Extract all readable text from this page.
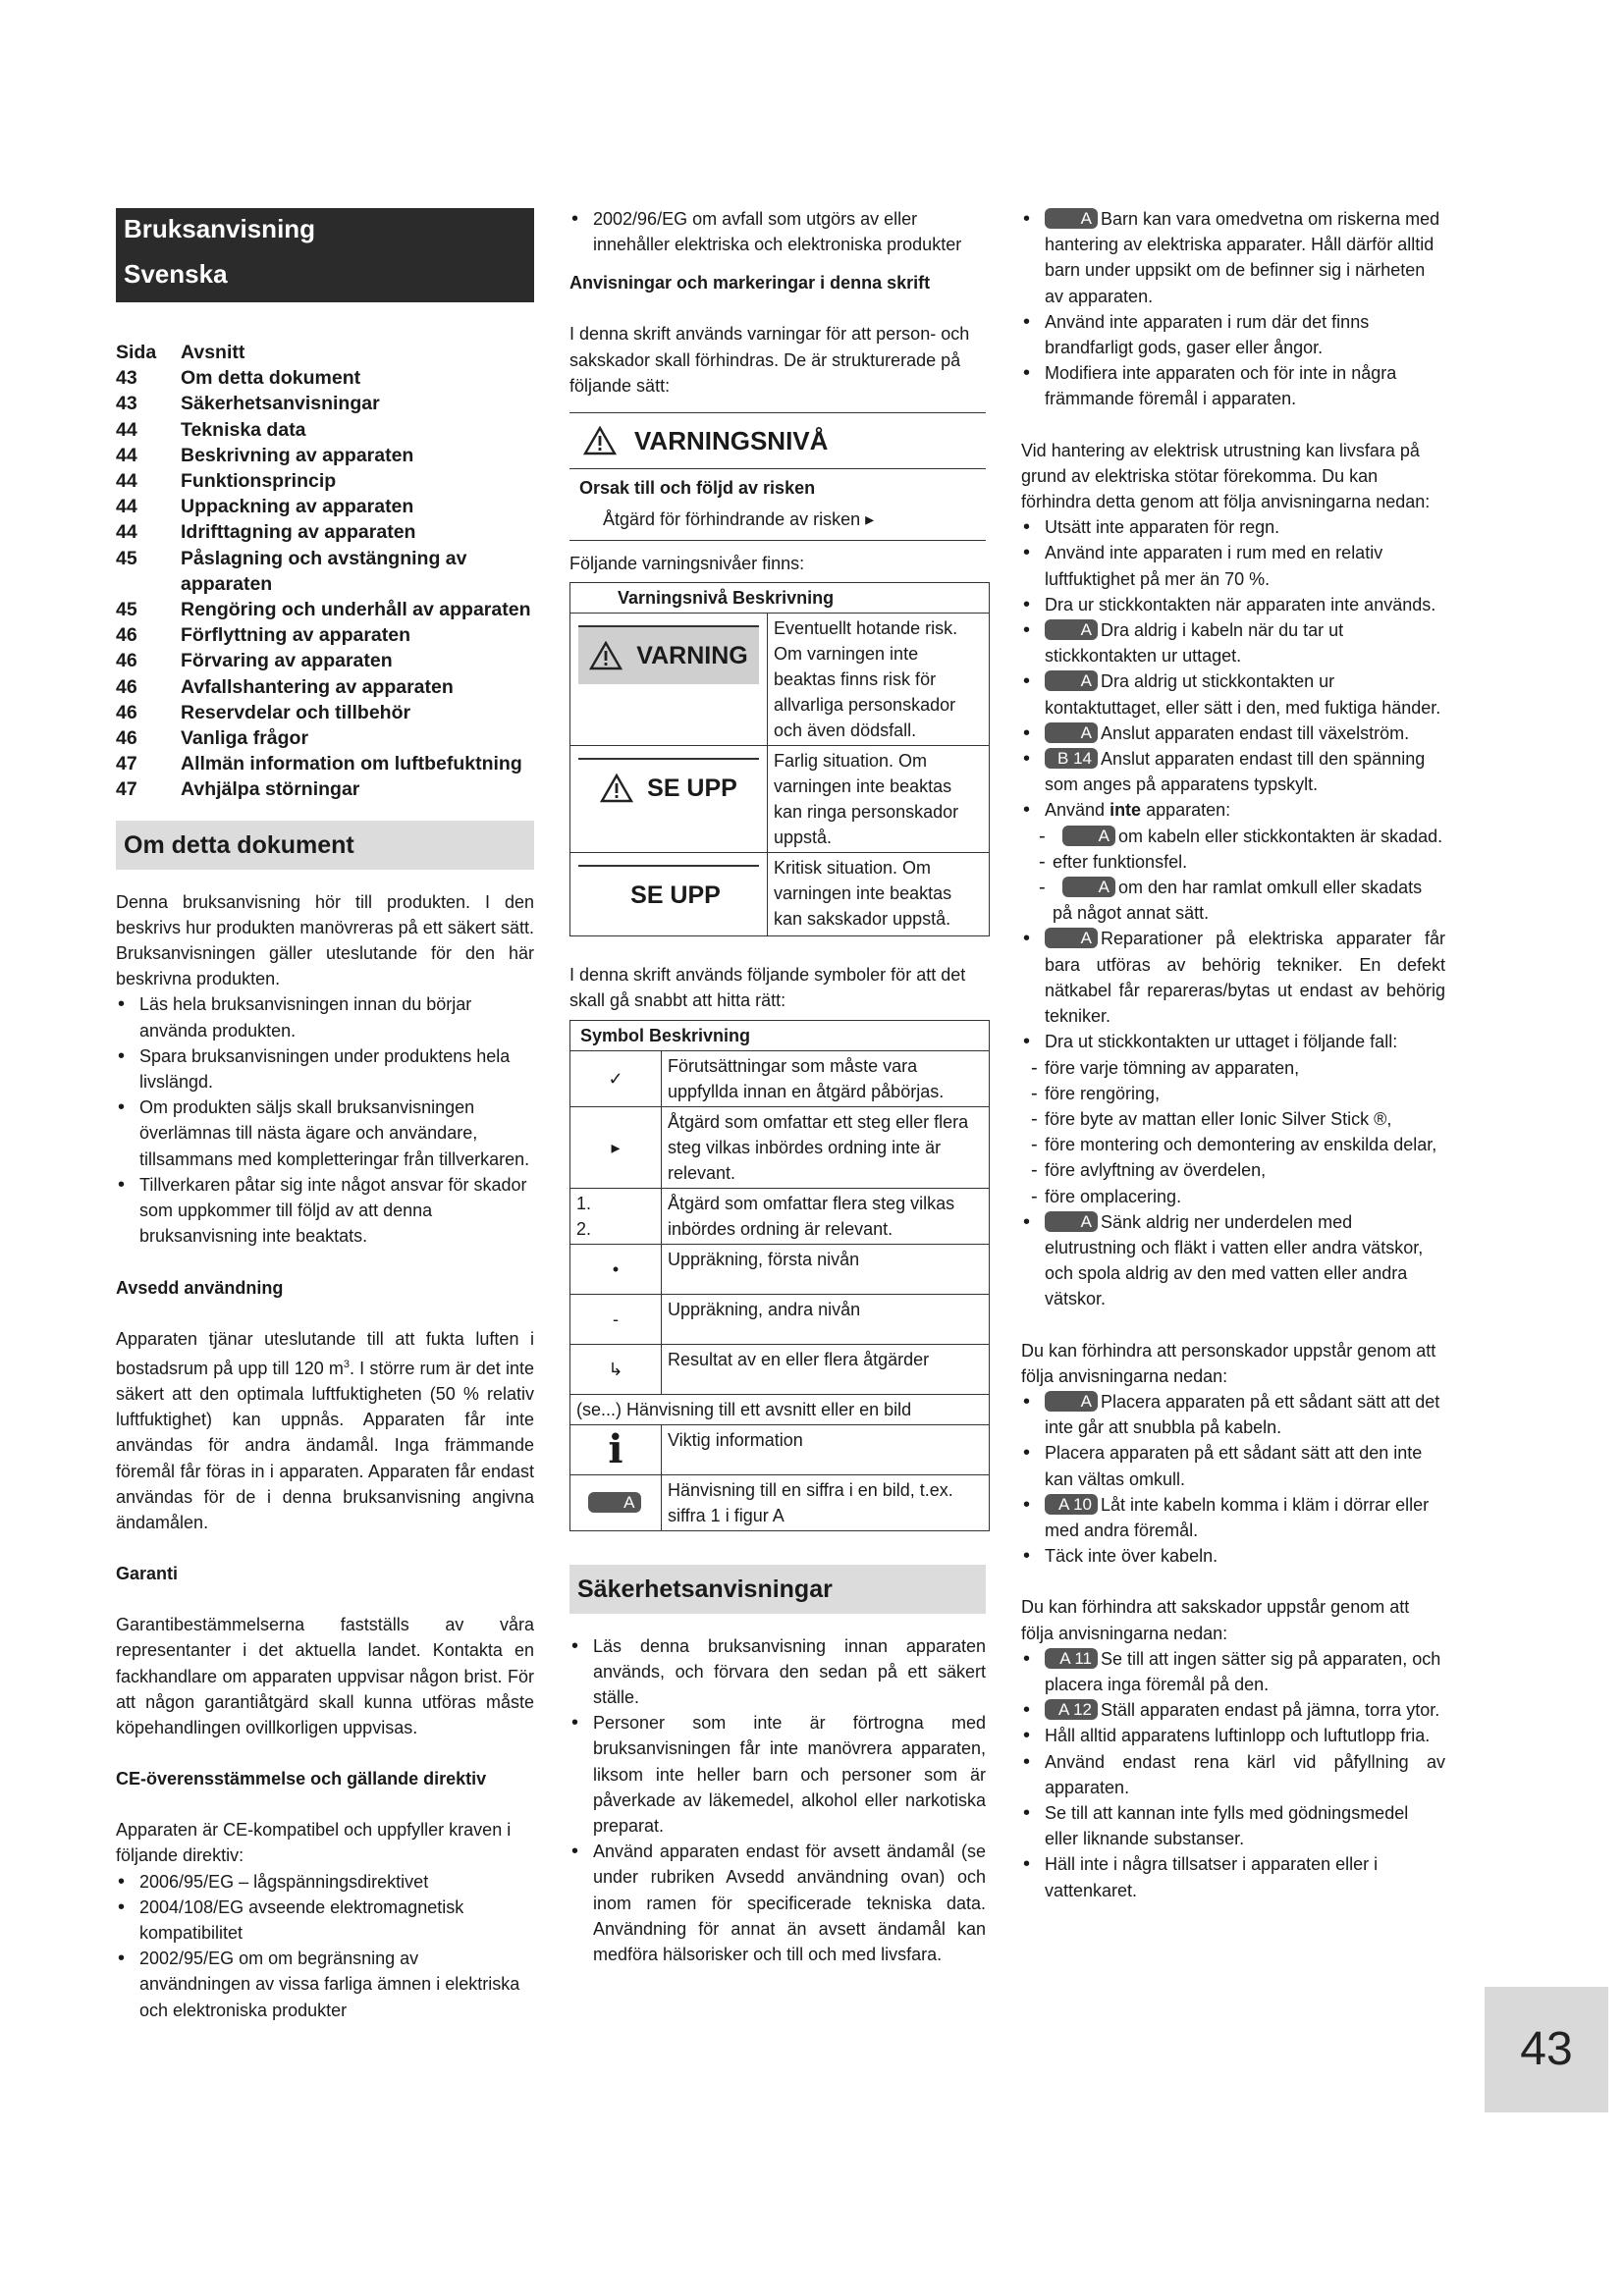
Bruksanvisning
Svenska
Sida	Avsnitt
43	Om detta dokument
43	Säkerhetsanvisningar
44	Tekniska data
44	Beskrivning av apparaten
44	Funktionsprincip
44	Uppackning av apparaten
44	Idrifttagning av apparaten
45	Påslagning och avstängning av apparaten
45	Rengöring och underhåll av apparaten
46	Förflyttning av apparaten
46	Förvaring av apparaten
46	Avfallshantering av apparaten
46	Reservdelar och tillbehör
46	Vanliga frågor
47	Allmän information om luftbefuktning
47	Avhjälpa störningar
Om detta dokument

Denna bruksanvisning hör till produkten. I den beskrivs hur produkten manövreras på ett säkert sätt. Bruksanvisningen gäller uteslutande för den här beskrivna produkten.

• Läs hela bruksanvisningen innan du börjar använda produkten.
• Spara bruksanvisningen under produktens hela livslängd.
• Om produkten säljs skall bruksanvisningen överlämnas till nästa ägare och användare, tillsammans med kompletteringar från tillverkaren.
• Tillverkaren påtar sig inte något ansvar för skador som uppkommer till följd av att denna bruksanvisning inte beaktats.

Avsedd användning

Apparaten tjänar uteslutande till att fukta luften i bostadsrum på upp till 120 $m^3$. I större rum är det inte säkert att den optimala luftfuktigheten (50 % relativ luftfuktighet) kan uppnås. Apparaten får inte användas för andra ändamål. Inga främmande föremål får föras in i apparaten. Apparaten får endast användas för de i denna bruksanvisning angivna ändamålen.

Garanti

Garantibestämmelserna fastställs av våra representanter i det aktuella landet. Kontakta en fackhandlare om apparaten uppvisar någon brist. För att någon garantiåtgärd skall kunna utföras måste köpehandlingen ovillkorligen uppvisas.

CE-överensstämmelse och gällande direktiv

Apparaten är CE-kompatibel och uppfyller kraven i följande direktiv:

• 2006/95/EG – lågspänningsdirektivet
• 2004/108/EG avseende elektromagnetisk kompatibilitet
• 2002/95/EG om om begränsning av användningen av vissa farliga ämnen i elektriska och elektroniska produkter
• 2002/96/EG om avfall som utgörs av eller innehåller elektriska och elektroniska produkter

Anvisningar och markeringar i denna skrift

I denna skrift används varningar för att person- och sakskador skall förhindras. De är strukturerade på följande sätt:

VARNINGSNIVÅ
Orsak till och följd av risken
Åtgärd för förhindrande av risken ▸

Följande varningsnivåer finns:

Varningsnivå Beskrivning	

VARNING	Eventuellt hotande risk. Om varningen inte beaktas finns risk för allvarliga personskador och även dödsfall.

SE UPP	Farlig situation. Om varningen inte beaktas kan ringa personskador uppstå.

SE UPP	Kritisk situation. Om varningen inte beaktas kan sakskador uppstå.

I denna skrift används följande symboler för att det skall gå snabbt att hitta rätt:

Symbol Beskrivning	
✓	Förutsättningar som måste vara uppfyllda innan en åtgärd påbörjas.
▸	Åtgärd som omfattar ett steg eller flera steg vilkas inbördes ordning inte är relevant.
1.
2.	Åtgärd som omfattar flera steg vilkas inbördes ordning är relevant.
•	Uppräkning, första nivån
-	Uppräkning, andra nivån
↳	Resultat av en eller flera åtgärder
(se...) Hänvisning till ett avsnitt eller en bild	
i	Viktig information
A	Hänvisning till en siffra i en bild, t.ex. siffra 1 i figur A
Säkerhetsanvisningar
• Läs denna bruksanvisning innan apparaten används, och förvara den sedan på ett säkert ställe.
• Personer som inte är förtrogna med bruksanvisningen får inte manövrera apparaten, liksom inte heller barn och personer som är påverkade av läkemedel, alkohol eller narkotiska preparat.
• Använd apparaten endast för avsett ändamål (se under rubriken Avsedd användning ovan) och inom ramen för specificerade tekniska data. Användning för annat än avsett ändamål kan medföra hälsorisker och till och med livsfara.
• A Barn kan vara omedvetna om riskerna med hantering av elektriska apparater. Håll därför alltid barn under uppsikt om de befinner sig i närheten av apparaten.
• Använd inte apparaten i rum där det finns brandfarligt gods, gaser eller ångor.
• Modifiera inte apparaten och för inte in några främmande föremål i apparaten.

Vid hantering av elektrisk utrustning kan livsfara på grund av elektriska stötar förekomma. Du kan förhindra detta genom att följa anvisningarna nedan:

• Utsätt inte apparaten för regn.
• Använd inte apparaten i rum med en relativ luftfuktighet på mer än 70 %.
• Dra ur stickkontakten när apparaten inte används.
• A Dra aldrig i kabeln när du tar ut stickkontakten ur uttaget.
• A Dra aldrig ut stickkontakten ur kontaktuttaget, eller sätt i den, med fuktiga händer.
• A Anslut apparaten endast till växelström.
• B 14 Anslut apparaten endast till den spänning som anges på apparatens typskylt.
• Använd inte apparaten:
- A om kabeln eller stickkontakten är skadad.
- efter funktionsfel.
- A om den har ramlat omkull eller skadats på något annat sätt.
• A Reparationer på elektriska apparater får bara utföras av behörig tekniker. En defekt nätkabel får repareras/bytas ut endast av behörig tekniker.
• Dra ut stickkontakten ur uttaget i följande fall:
- före varje tömning av apparaten,
- före rengöring,
- före byte av mattan eller Ionic Silver Stick ®,
- före montering och demontering av enskilda delar,
- före avlyftning av överdelen,
- före omplacering.
• A Sänk aldrig ner underdelen med elutrustning och fläkt i vatten eller andra vätskor, och spola aldrig av den med vatten eller andra vätskor.

Du kan förhindra att personskador uppstår genom att följa anvisningarna nedan:

• A Placera apparaten på ett sådant sätt att det inte går att snubbla på kabeln.
• Placera apparaten på ett sådant sätt att den inte kan vältas omkull.
• A 10 Låt inte kabeln komma i kläm i dörrar eller med andra föremål.
• Täck inte över kabeln.

Du kan förhindra att sakskador uppstår genom att följa anvisningarna nedan:

• A 11 Se till att ingen sätter sig på apparaten, och placera inga föremål på den.
• A 12 Ställ apparaten endast på jämna, torra ytor.
• Håll alltid apparatens luftinlopp och luftutlopp fria.
• Använd endast rena kärl vid påfyllning av apparaten.
• Se till att kannan inte fylls med gödningsmedel eller liknande substanser.
• Häll inte i några tillsatser i apparaten eller i vattenkaret.
43
